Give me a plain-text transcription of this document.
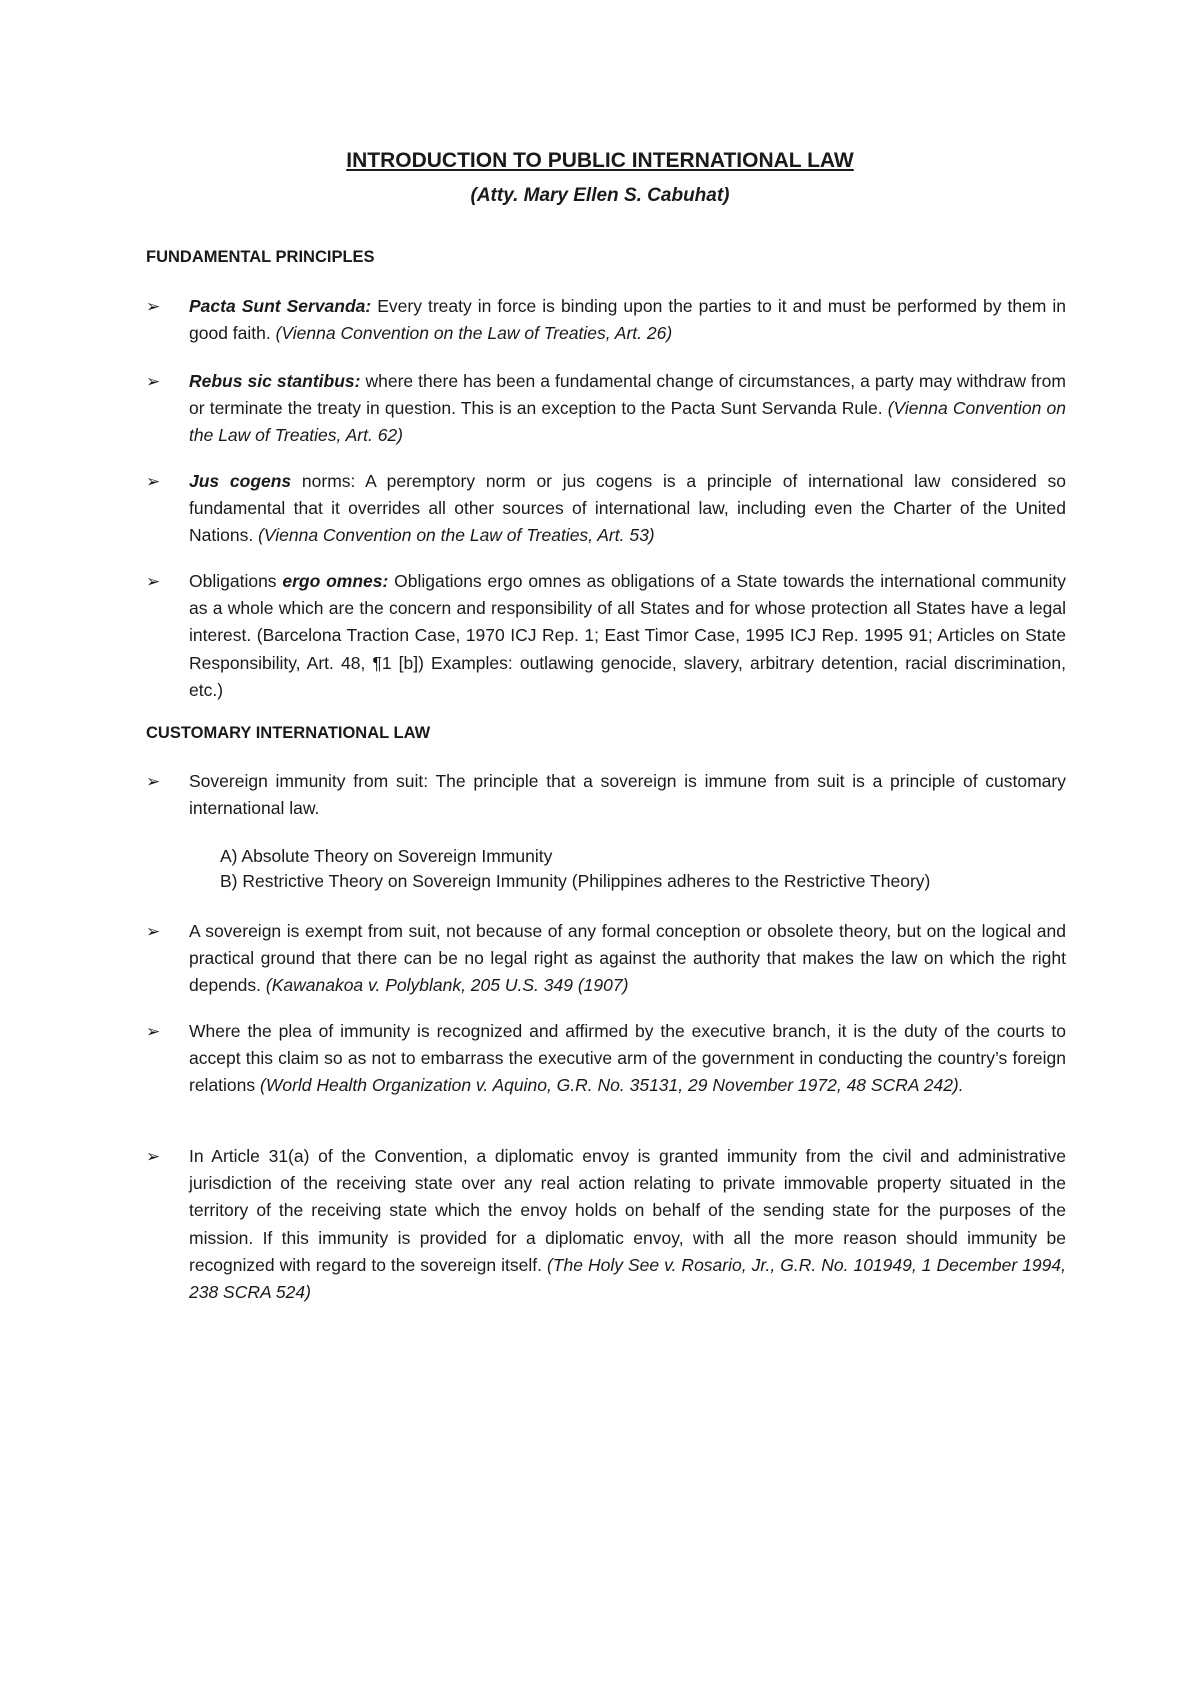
INTRODUCTION TO PUBLIC INTERNATIONAL LAW
(Atty. Mary Ellen S. Cabuhat)
FUNDAMENTAL PRINCIPLES
➢ Pacta Sunt Servanda: Every treaty in force is binding upon the parties to it and must be performed by them in good faith. (Vienna Convention on the Law of Treaties, Art. 26)
➢ Rebus sic stantibus: where there has been a fundamental change of circumstances, a party may withdraw from or terminate the treaty in question. This is an exception to the Pacta Sunt Servanda Rule. (Vienna Convention on the Law of Treaties, Art. 62)
➢ Jus cogens norms: A peremptory norm or jus cogens is a principle of international law considered so fundamental that it overrides all other sources of international law, including even the Charter of the United Nations. (Vienna Convention on the Law of Treaties, Art. 53)
➢ Obligations ergo omnes: Obligations ergo omnes as obligations of a State towards the international community as a whole which are the concern and responsibility of all States and for whose protection all States have a legal interest. (Barcelona Traction Case, 1970 ICJ Rep. 1; East Timor Case, 1995 ICJ Rep. 1995 91; Articles on State Responsibility, Art. 48, ¶1 [b]) Examples: outlawing genocide, slavery, arbitrary detention, racial discrimination, etc.)
CUSTOMARY INTERNATIONAL LAW
➢ Sovereign immunity from suit: The principle that a sovereign is immune from suit is a principle of customary international law.
A) Absolute Theory on Sovereign Immunity
B) Restrictive Theory on Sovereign Immunity (Philippines adheres to the Restrictive Theory)
➢ A sovereign is exempt from suit, not because of any formal conception or obsolete theory, but on the logical and practical ground that there can be no legal right as against the authority that makes the law on which the right depends. (Kawanakoa v. Polyblank, 205 U.S. 349 (1907)
➢ Where the plea of immunity is recognized and affirmed by the executive branch, it is the duty of the courts to accept this claim so as not to embarrass the executive arm of the government in conducting the country’s foreign relations (World Health Organization v. Aquino, G.R. No. 35131, 29 November 1972, 48 SCRA 242).
➢ In Article 31(a) of the Convention, a diplomatic envoy is granted immunity from the civil and administrative jurisdiction of the receiving state over any real action relating to private immovable property situated in the territory of the receiving state which the envoy holds on behalf of the sending state for the purposes of the mission. If this immunity is provided for a diplomatic envoy, with all the more reason should immunity be recognized with regard to the sovereign itself. (The Holy See v. Rosario, Jr., G.R. No. 101949, 1 December 1994, 238 SCRA 524)
